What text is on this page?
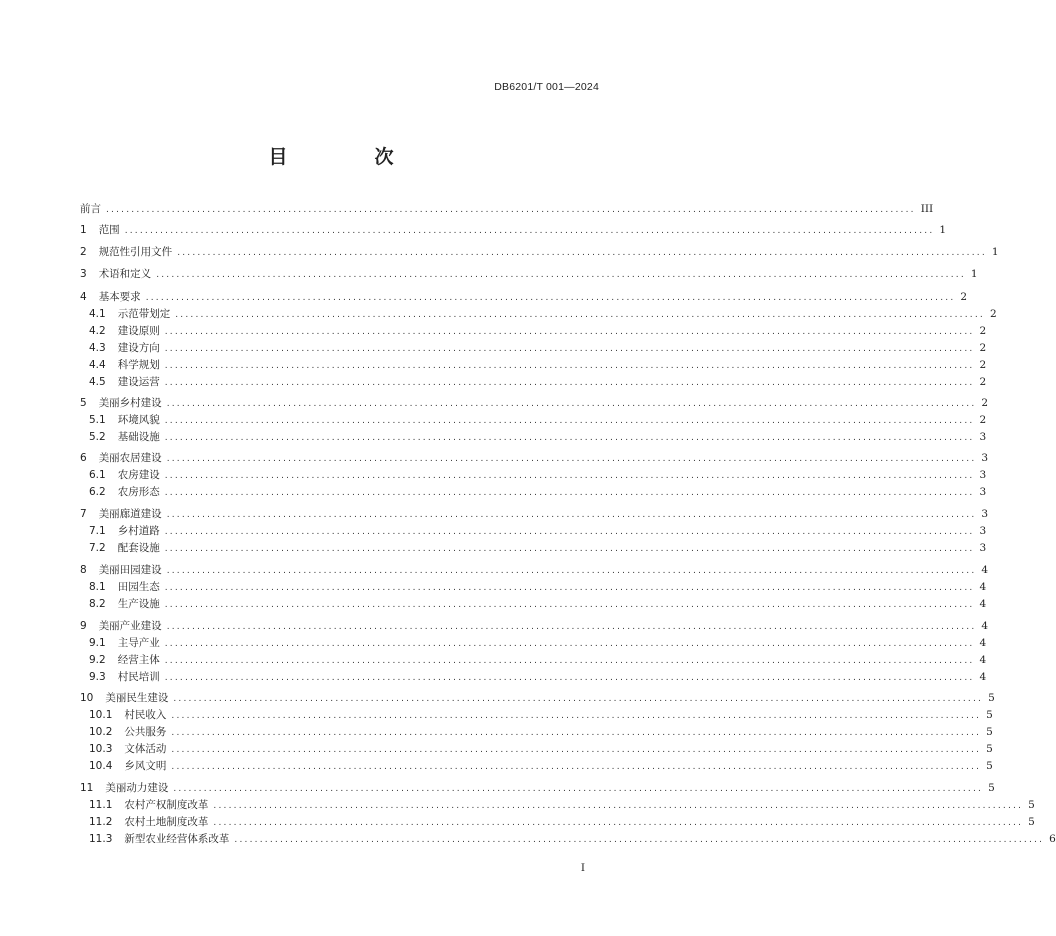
DB6201/T 001—2024
目　次
前言 ................................................................................................................................................................ III
1 范围 ................................................................................................................................................................ 1
2 规范性引用文件 ................................................................................................................................................................ 1
3 术语和定义 ................................................................................................................................................................ 1
4 基本要求 ................................................................................................................................................................ 2
4.1 示范带划定 ................................................................................................................................................................ 2
4.2 建设原则 ................................................................................................................................................................ 2
4.3 建设方向 ................................................................................................................................................................ 2
4.4 科学规划 ................................................................................................................................................................ 2
4.5 建设运营 ................................................................................................................................................................ 2
5 美丽乡村建设 ................................................................................................................................................................ 2
5.1 环境风貌 ................................................................................................................................................................ 2
5.2 基础设施 ................................................................................................................................................................ 3
6 美丽农居建设 ................................................................................................................................................................ 3
6.1 农房建设 ................................................................................................................................................................ 3
6.2 农房形态 ................................................................................................................................................................ 3
7 美丽廊道建设 ................................................................................................................................................................ 3
7.1 乡村道路 ................................................................................................................................................................ 3
7.2 配套设施 ................................................................................................................................................................ 3
8 美丽田园建设 ................................................................................................................................................................ 4
8.1 田园生态 ................................................................................................................................................................ 4
8.2 生产设施 ................................................................................................................................................................ 4
9 美丽产业建设 ................................................................................................................................................................ 4
9.1 主导产业 ................................................................................................................................................................ 4
9.2 经营主体 ................................................................................................................................................................ 4
9.3 村民培训 ................................................................................................................................................................ 4
10 美丽民生建设 ................................................................................................................................................................ 5
10.1 村民收入 ................................................................................................................................................................ 5
10.2 公共服务 ................................................................................................................................................................ 5
10.3 文体活动 ................................................................................................................................................................ 5
10.4 乡风文明 ................................................................................................................................................................ 5
11 美丽动力建设 ................................................................................................................................................................ 5
11.1 农村产权制度改革 ................................................................................................................................................................ 5
11.2 农村土地制度改革 ................................................................................................................................................................ 5
11.3 新型农业经营体系改革 ................................................................................................................................................................ 6
I
